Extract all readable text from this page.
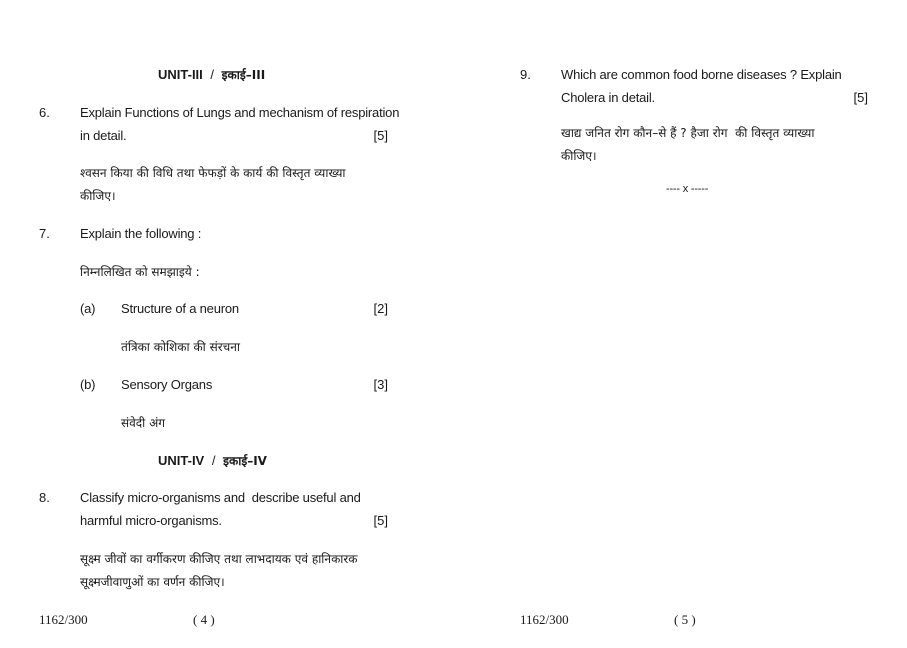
UNIT-III / इकाई–III
6. Explain Functions of Lungs and mechanism of respiration
in detail.	[5]
श्वसन किया की विधि तथा फेफड़ों के कार्य की विस्तृत व्याख्या
कीजिए।
7. Explain the following :
निम्नलिखित को समझाइये :
(a) Structure of a neuron	[2]
तंत्रिका कोशिका की संरचना
(b) Sensory Organs	[3]
संवेदी अंग
UNIT-IV / इकाई–IV
8. Classify micro-organisms and  describe useful and
harmful micro-organisms.	[5]
सूक्ष्म जीवों का वर्गीकरण कीजिए तथा लाभदायक एवं हानिकारक
सूक्ष्मजीवाणुओं का वर्णन कीजिए।
1162/300	( 4 )
9. Which are common food borne diseases ? Explain
Cholera in detail.	[5]
खाद्य जनित रोग कौन–से हैं ? हैजा रोग  की विस्तृत व्याख्या
कीजिए।
---- x -----
1162/300	( 5 )
